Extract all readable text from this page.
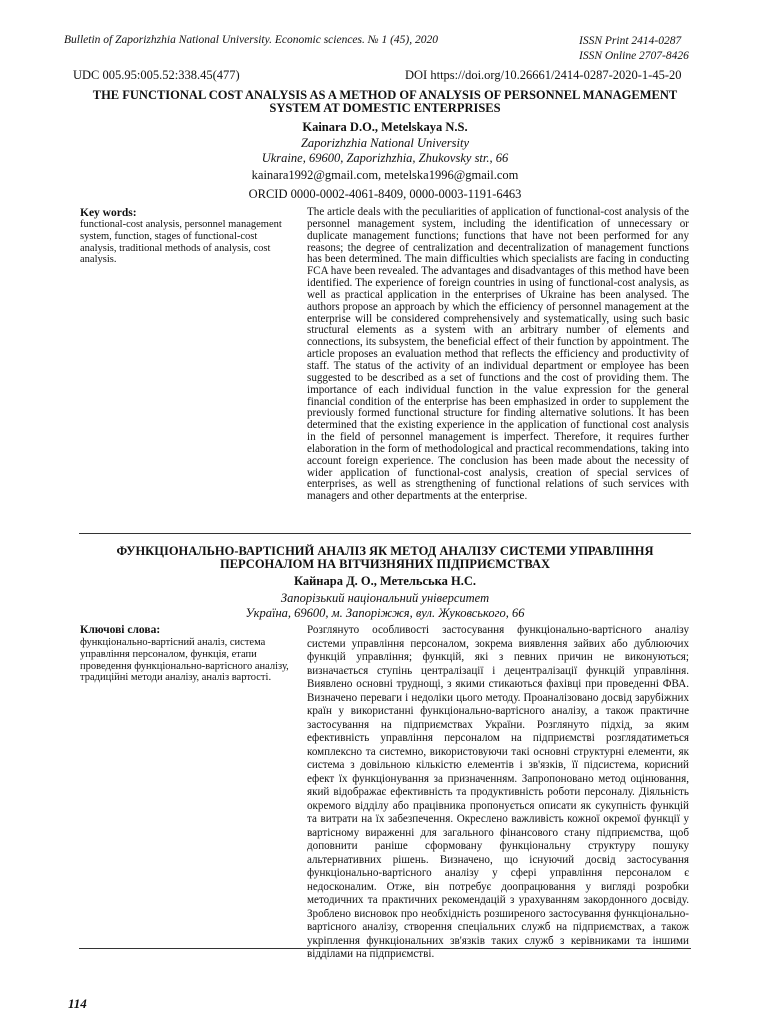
Bulletin of Zaporizhzhia National University. Economic sciences. № 1 (45), 2020	ISSN Print 2414-0287
ISSN Online 2707-8426
UDC 005.95:005.52:338.45(477)	DOI https://doi.org/10.26661/2414-0287-2020-1-45-20
THE FUNCTIONAL COST ANALYSIS AS A METHOD OF ANALYSIS OF PERSONNEL MANAGEMENT
SYSTEM AT DOMESTIC ENTERPRISES
Kainara D.O., Metelskaya N.S.
Zaporizhzhia National University
Ukraine, 69600, Zaporizhzhia, Zhukovsky str., 66
kainara1992@gmail.com, metelska1996@gmail.com
ORCID 0000-0002-4061-8409, 0000-0003-1191-6463
Key words:
functional-cost analysis, personnel management system, function, stages of functional-cost analysis, traditional methods of analysis, cost analysis.
The article deals with the peculiarities of application of functional-cost analysis of the personnel management system, including the identification of unnecessary or duplicate management functions; functions that have not been performed for any reasons; the degree of centralization and decentralization of management functions has been determined. The main difficulties which specialists are facing in conducting FCA have been revealed. The advantages and disadvantages of this method have been identified. The experience of foreign countries in using of functional-cost analysis, as well as practical application in the enterprises of Ukraine has been analysed. The authors propose an approach by which the efficiency of personnel management at the enterprise will be considered comprehensively and systematically, using such basic structural elements as a system with an arbitrary number of elements and connections, its subsystem, the beneficial effect of their function by appointment. The article proposes an evaluation method that reflects the efficiency and productivity of staff. The status of the activity of an individual department or employee has been suggested to be described as a set of functions and the cost of providing them. The importance of each individual function in the value expression for the general financial condition of the enterprise has been emphasized in order to supplement the previously formed functional structure for finding alternative solutions. It has been determined that the existing experience in the application of functional cost analysis in the field of personnel management is imperfect. Therefore, it requires further elaboration in the form of methodological and practical recommendations, taking into account foreign experience. The conclusion has been made about the necessity of wider application of functional-cost analysis, creation of special services of enterprises, as well as strengthening of functional relations of such services with managers and other departments at the enterprise.
ФУНКЦІОНАЛЬНО-ВАРТІСНИЙ АНАЛІЗ ЯК МЕТОД АНАЛІЗУ СИСТЕМИ УПРАВЛІННЯ
ПЕРСОНАЛОМ НА ВІТЧИЗНЯНИХ ПІДПРИЄМСТВАХ
Кайнара Д. О., Метельська Н.С.
Запорізький національний університет
Україна, 69600, м. Запоріжжя, вул. Жуковського, 66
Ключові слова:
функціонально-вартісний аналіз, система управління персоналом, функція, етапи проведення функціонально-вартісного аналізу, традиційні методи аналізу, аналіз вартості.
Розглянуто особливості застосування функціонально-вартісного аналізу системи управління персоналом, зокрема виявлення зайвих або дублюючих функцій управління; функцій, які з певних причин не виконуються; визначається ступінь централізації і децентралізації функцій управління. Виявлено основні труднощі, з якими стикаються фахівці при проведенні ФВА. Визначено переваги і недоліки цього методу. Проаналізовано досвід зарубіжних країн у використанні функціонально-вартісного аналізу, а також практичне застосування на підприємствах України. Розглянуто підхід, за яким ефективність управління персоналом на підприємстві розглядатиметься комплексно та системно, використовуючи такі основні структурні елементи, як система з довільною кількістю елементів і зв'язків, її підсистема, корисний ефект їх функціонування за призначенням. Запропоновано метод оцінювання, який відображає ефективність та продуктивність роботи персоналу. Діяльність окремого відділу або працівника пропонується описати як сукупність функцій та витрати на їх забезпечення. Окреслено важливість кожної окремої функції у вартісному вираженні для загального фінансового стану підприємства, щоб доповнити раніше сформовану функціональну структуру пошуку альтернативних рішень. Визначено, що існуючий досвід застосування функціонально-вартісного аналізу у сфері управління персоналом є недосконалим. Отже, він потребує доопрацювання у вигляді розробки методичних та практичних рекомендацій з урахуванням закордонного досвіду. Зроблено висновок про необхідність розширеного застосування функціонально-вартісного аналізу, створення спеціальних служб на підприємствах, а також укріплення функціональних зв'язків таких служб з керівниками та іншими відділами на підприємстві.
114
